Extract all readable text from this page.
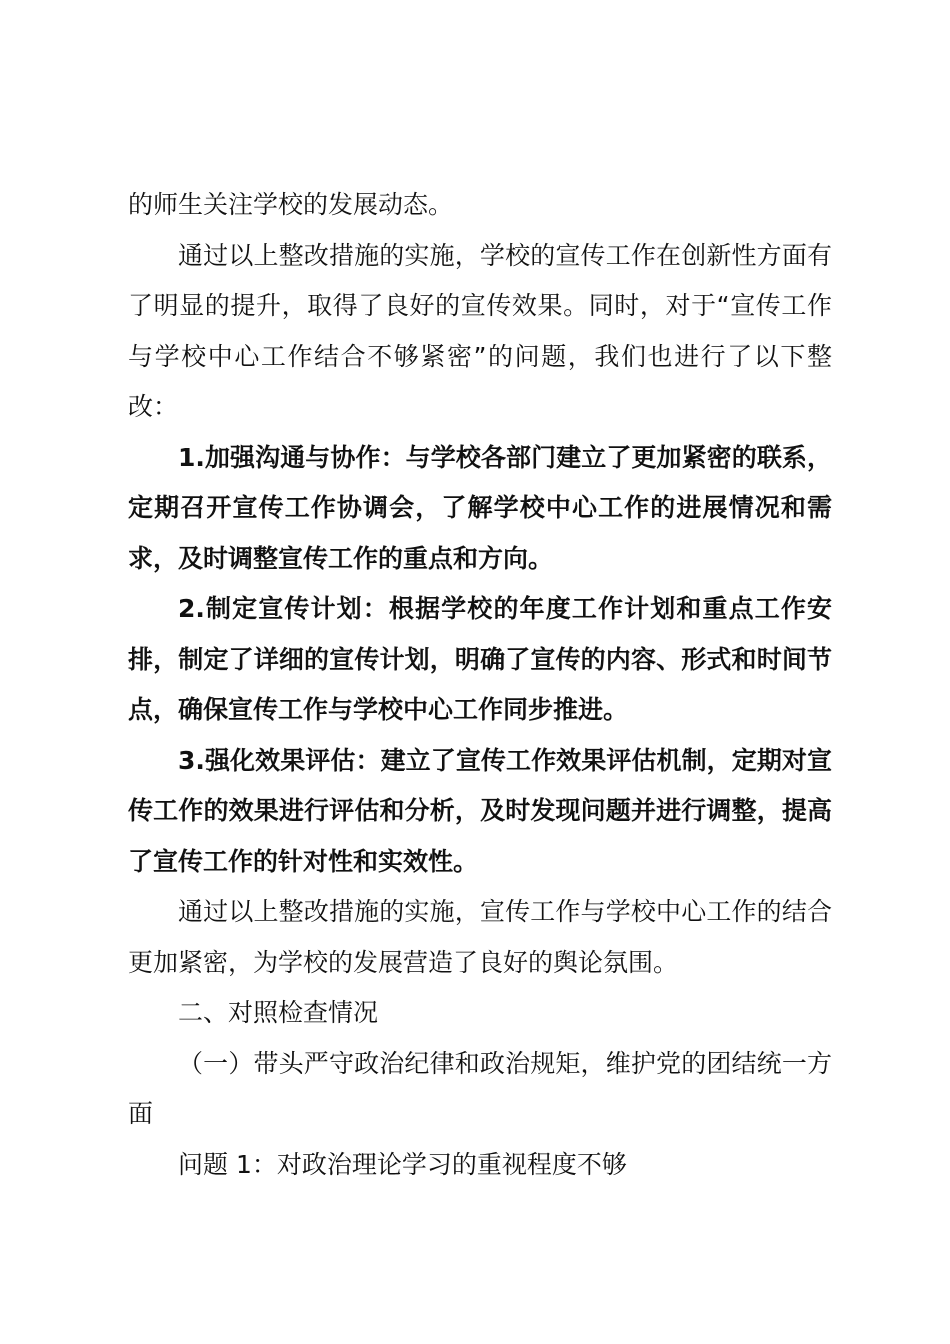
的师生关注学校的发展动态。

通过以上整改措施的实施，学校的宣传工作在创新性方面有了明显的提升，取得了良好的宣传效果。同时，对于“宣传工作与学校中心工作结合不够紧密”的问题，我们也进行了以下整改：

1.加强沟通与协作：与学校各部门建立了更加紧密的联系，定期召开宣传工作协调会，了解学校中心工作的进展情况和需求，及时调整宣传工作的重点和方向。

2.制定宣传计划：根据学校的年度工作计划和重点工作安排，制定了详细的宣传计划，明确了宣传的内容、形式和时间节点，确保宣传工作与学校中心工作同步推进。

3.强化效果评估：建立了宣传工作效果评估机制，定期对宣传工作的效果进行评估和分析，及时发现问题并进行调整，提高了宣传工作的针对性和实效性。

通过以上整改措施的实施，宣传工作与学校中心工作的结合更加紧密，为学校的发展营造了良好的舆论氛围。

二、对照检查情况

（一）带头严守政治纪律和政治规矩，维护党的团结统一方面

问题 1：对政治理论学习的重视程度不够
